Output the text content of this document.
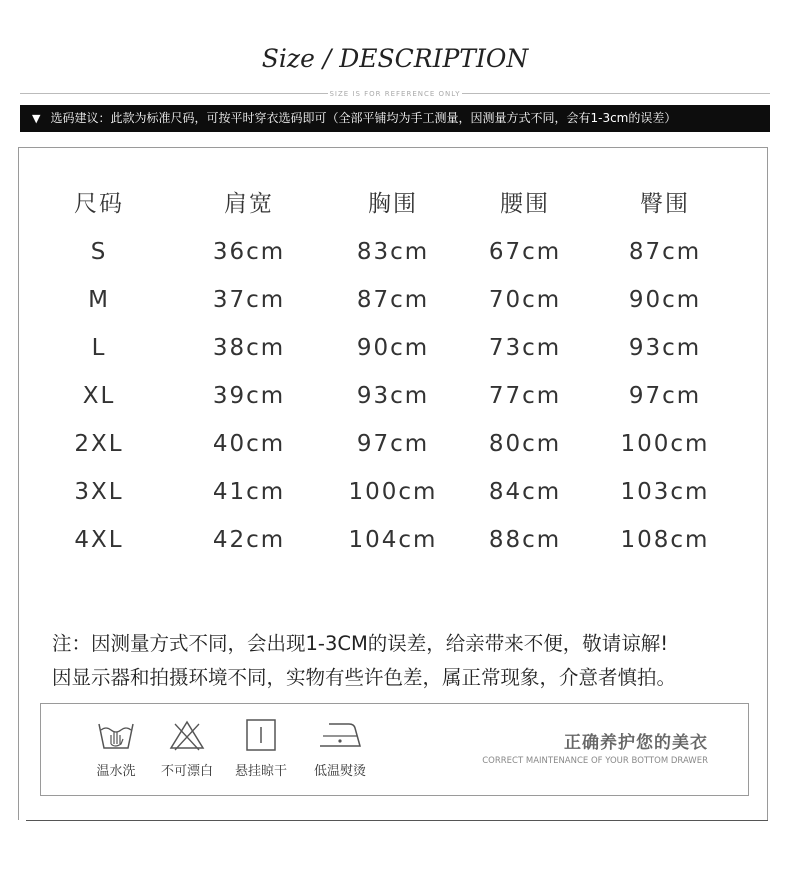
Size / DESCRIPTION
SIZE IS FOR REFERENCE ONLY
▼ 选码建议：此款为标准尺码，可按平时穿衣选码即可（全部平铺均为手工测量，因测量方式不同，会有1-3cm的误差）
尺码	肩宽	胸围	腰围	臀围
S	36cm	83cm	67cm	87cm
M	37cm	87cm	70cm	90cm
L	38cm	90cm	73cm	93cm
XL	39cm	93cm	77cm	97cm
2XL	40cm	97cm	80cm	100cm
3XL	41cm	100cm	84cm	103cm
4XL	42cm	104cm	88cm	108cm
注：因测量方式不同，会出现1-3CM的误差，给亲带来不便，敬请谅解!
因显示器和拍摄环境不同，实物有些许色差，属正常现象，介意者慎拍。
温水洗	不可漂白	悬挂晾干	低温熨烫
正确养护您的美衣
CORRECT MAINTENANCE OF YOUR BOTTOM DRAWER
